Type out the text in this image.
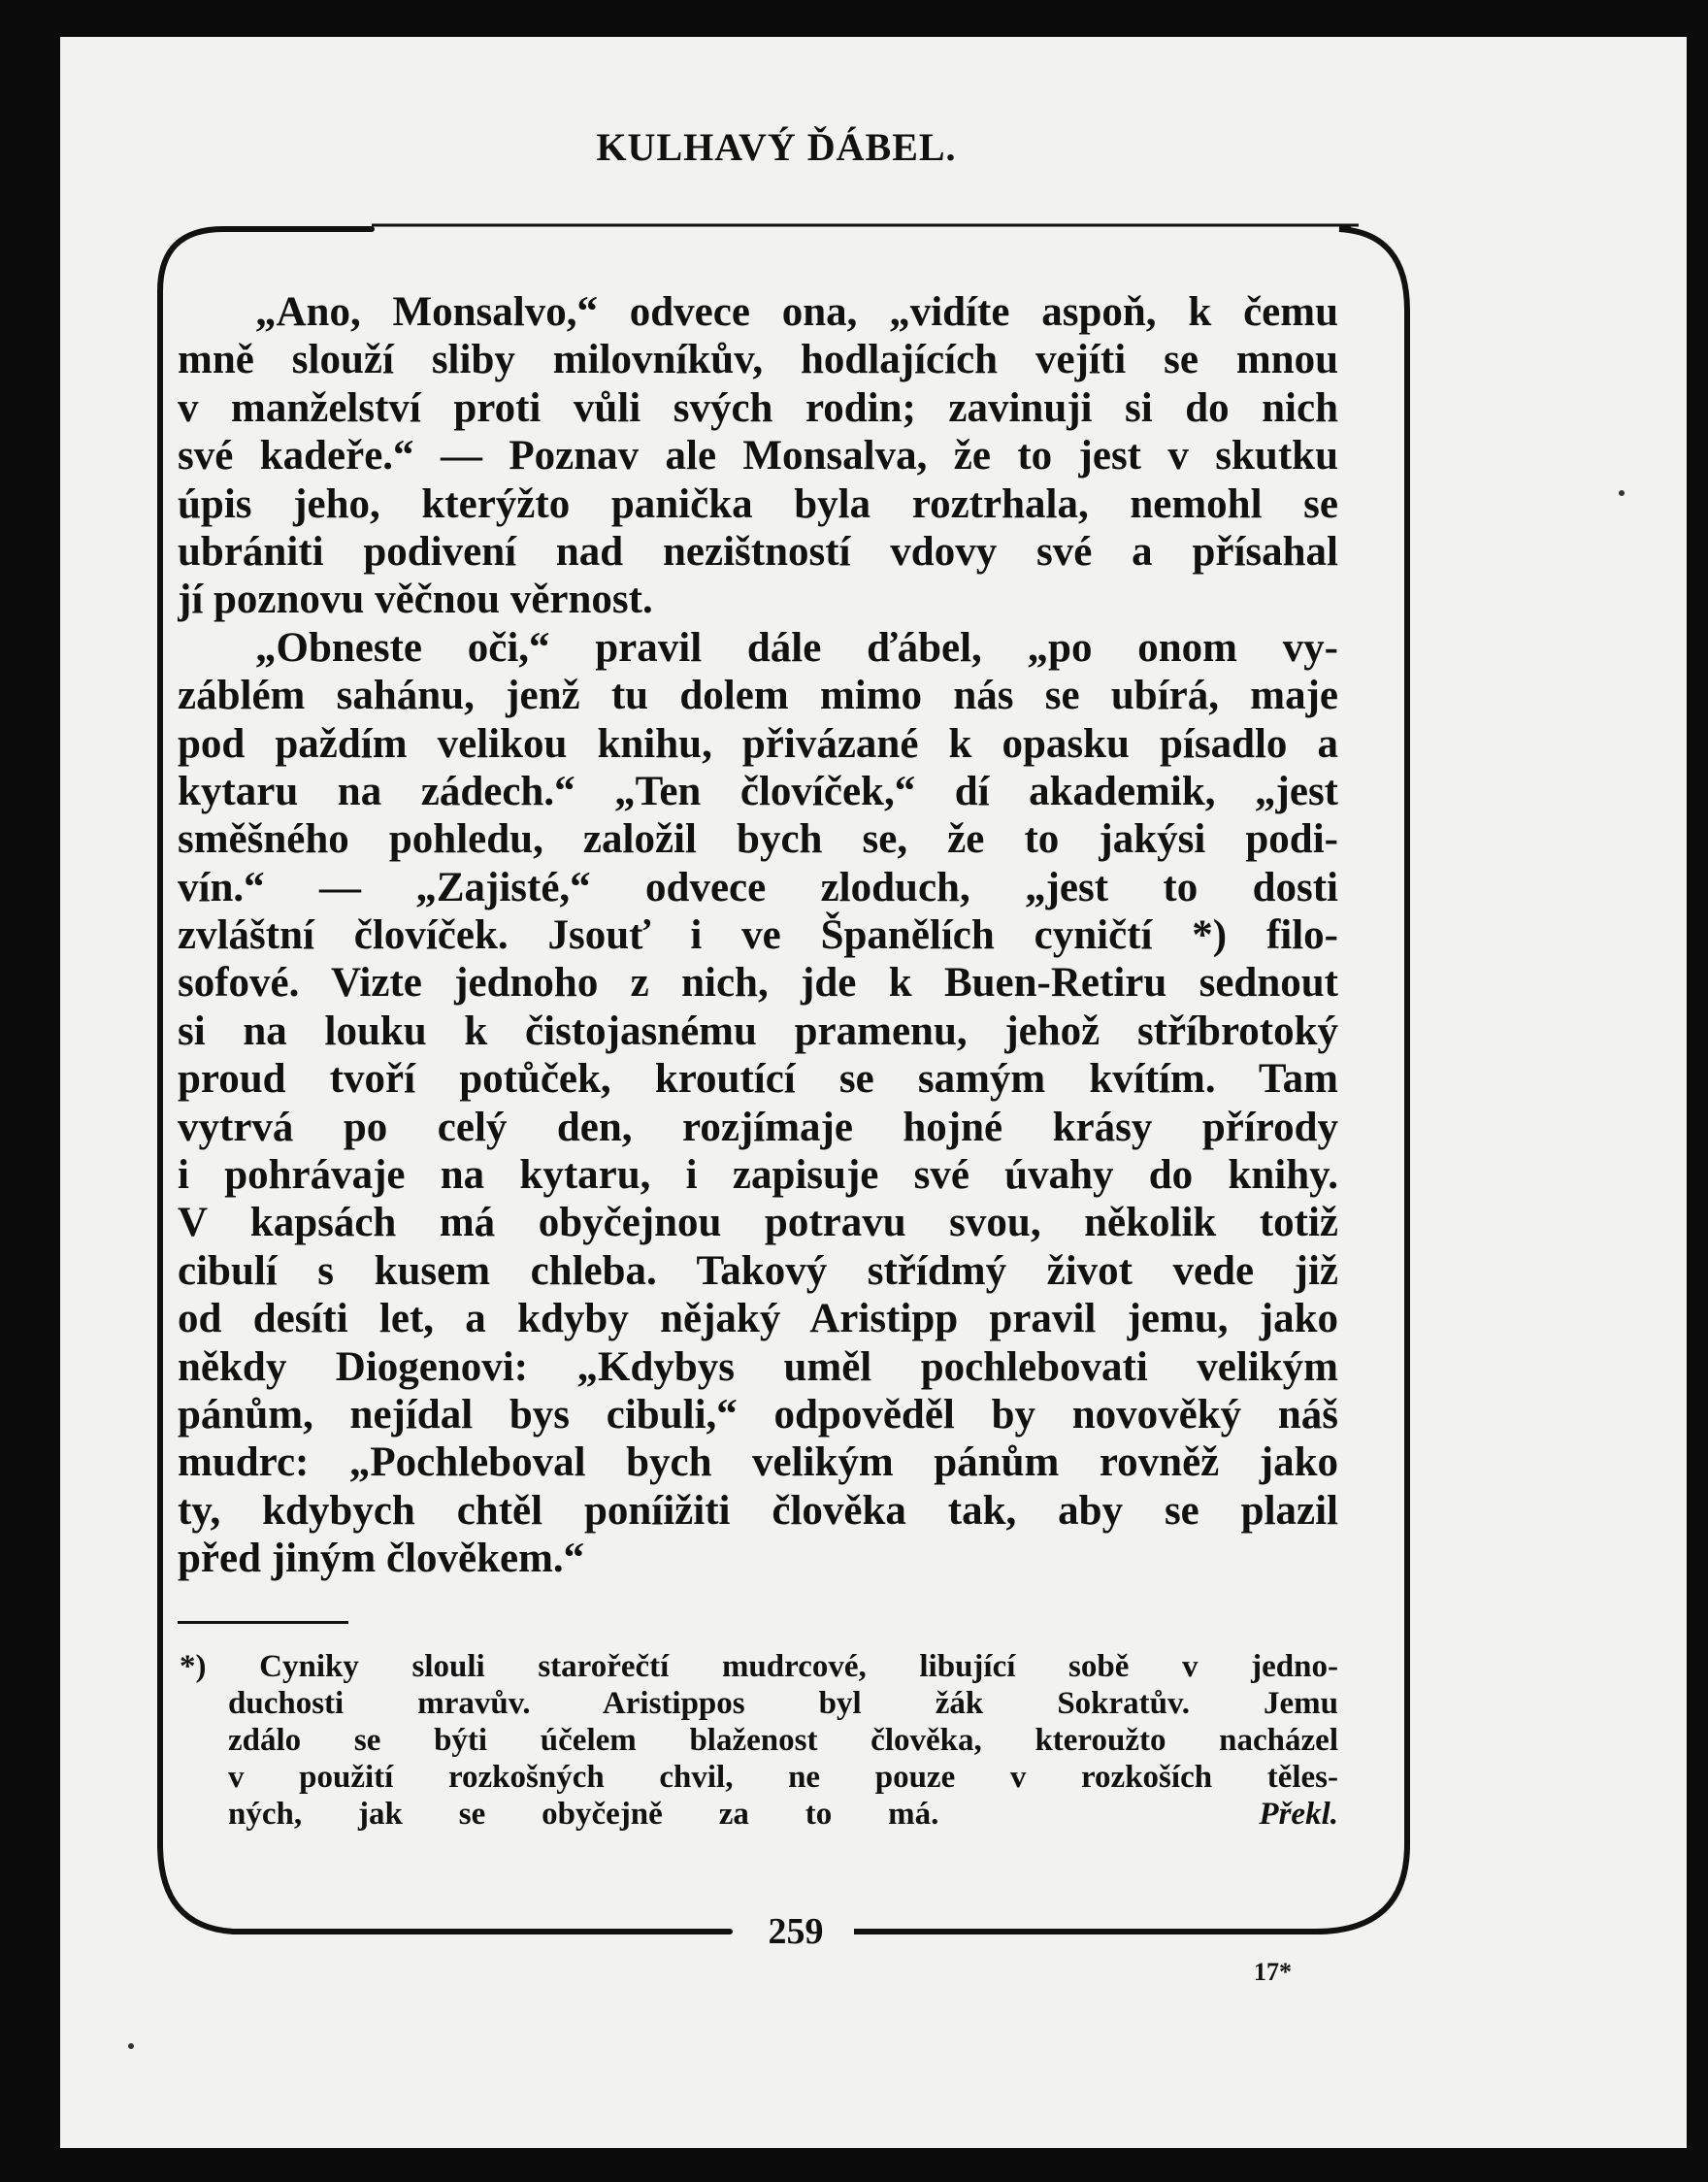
KULHAVÝ ĎÁBEL.
„Ano, Monsalvo,“ odvece ona, „vidíte aspoň, k čemu
mně slouží sliby milovníkův, hodlajících vejíti se mnou
v manželství proti vůli svých rodin; zavinuji si do nich
své kadeře.“ — Poznav ale Monsalva, že to jest v skutku
úpis jeho, kterýžto panička byla roztrhala, nemohl se
ubrániti podivení nad nezištností vdovy své a přísahal
jí poznovu věčnou věrnost.
„Obneste oči,“ pravil dále ďábel, „po onom vy-
záblém sahánu, jenž tu dolem mimo nás se ubírá, maje
pod paždím velikou knihu, přivázané k opasku písadlo a
kytaru na zádech.“ „Ten človíček,“ dí akademik, „jest
směšného pohledu, založil bych se, že to jakýsi podi-
vín.“ — „Zajisté,“ odvece zloduch, „jest to dosti
zvláštní človíček. Jsouť i ve Španělích cyničtí *) filo-
sofové. Vizte jednoho z nich, jde k Buen-Retiru sednout
si na louku k čistojasnému pramenu, jehož stříbrotoký
proud tvoří potůček, kroutící se samým kvítím. Tam
vytrvá po celý den, rozjímaje hojné krásy přírody
i pohrávaje na kytaru, i zapisuje své úvahy do knihy.
V kapsách má obyčejnou potravu svou, několik totiž
cibulí s kusem chleba. Takový střídmý život vede již
od desíti let, a kdyby nějaký Aristipp pravil jemu, jako
někdy Diogenovi: „Kdybys uměl pochlebovati velikým
pánům, nejídal bys cibuli,“ odpověděl by novověký náš
mudrc: „Pochleboval bych velikým pánům rovněž jako
ty, kdybych chtěl poníižiti člověka tak, aby se plazil
před jiným člověkem.“
*) Cyniky slouli starořečtí mudrcové, libující sobě v jedno-
duchosti mravův. Aristippos byl žák Sokratův. Jemu
zdálo se býti účelem blaženost člověka, kteroužto nacházel
v použití rozkošných chvil, ne pouze v rozkoších těles-
ných, jak se obyčejně za to má.	Překl.
259
17*
